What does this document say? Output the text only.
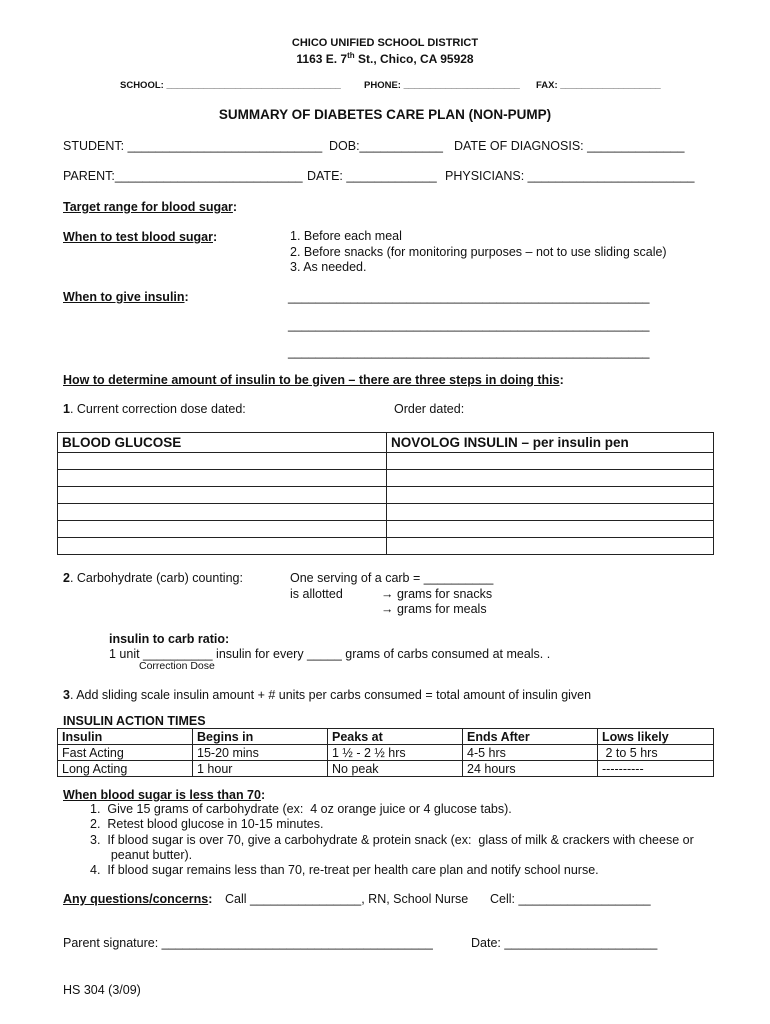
CHICO UNIFIED SCHOOL DISTRICT
1163 E. 7th St., Chico, CA 95928
SCHOOL: _________________________________ PHONE: ______________________ FAX: ___________________
SUMMARY OF DIABETES CARE PLAN (NON-PUMP)
STUDENT: ____________________________ DOB:____________ DATE OF DIAGNOSIS: ______________
PARENT:___________________________ DATE: _____________ PHYSICIANS: ________________________
Target range for blood sugar:
When to test blood sugar:	1. Before each meal
2. Before snacks (for monitoring purposes – not to use sliding scale)
3. As needed.
When to give insulin:	____________________________________________________
____________________________________________________
____________________________________________________
How to determine amount of insulin to be given – there are three steps in doing this:
1. Current correction dose dated:	Order dated:
BLOOD GLUCOSE	NOVOLOG INSULIN – per insulin pen

2. Carbohydrate (carb) counting:	One serving of a carb = __________
is allotted	→ grams for snacks
→ grams for meals
insulin to carb ratio:
1 unit __________ insulin for every _____ grams of carbs consumed at meals. .
Correction Dose
3. Add sliding scale insulin amount + # units per carbs consumed = total amount of insulin given
INSULIN ACTION TIMES
Insulin	Begins in	Peaks at	Ends After	Lows likely
Fast Acting	15-20 mins	1 ½ - 2 ½ hrs	4-5 hrs	2 to 5 hrs
Long Acting	1 hour	No peak	24 hours	----------
When blood sugar is less than 70:
1.  Give 15 grams of carbohydrate (ex:  4 oz orange juice or 4 glucose tabs).
2.  Retest blood glucose in 10-15 minutes.
3.  If blood sugar is over 70, give a carbohydrate & protein snack (ex:  glass of milk & crackers with cheese or
peanut butter).
4.  If blood sugar remains less than 70, re-treat per health care plan and notify school nurse.
Any questions/concerns: Call ________________, RN, School Nurse Cell: ___________________
Parent signature: _______________________________________	Date: ______________________
HS 304 (3/09)
